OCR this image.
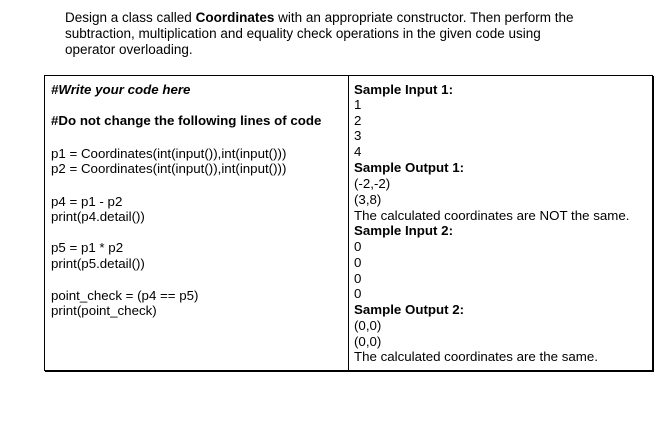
Design a class called Coordinates with an appropriate constructor. Then perform the
subtraction, multiplication and equality check operations in the given code using
operator overloading.
#Write your code here
#Do not change the following lines of code
p1 = Coordinates(int(input()),int(input()))
p2 = Coordinates(int(input()),int(input()))
p4 = p1 - p2
print(p4.detail())
p5 = p1 * p2
print(p5.detail())
point_check = (p4 == p5)
print(point_check)
Sample Input 1:
1
2
3
4
Sample Output 1:
(-2,-2)
(3,8)
The calculated coordinates are NOT the same.
Sample Input 2:
0
0
0
0
Sample Output 2:
(0,0)
(0,0)
The calculated coordinates are the same.
